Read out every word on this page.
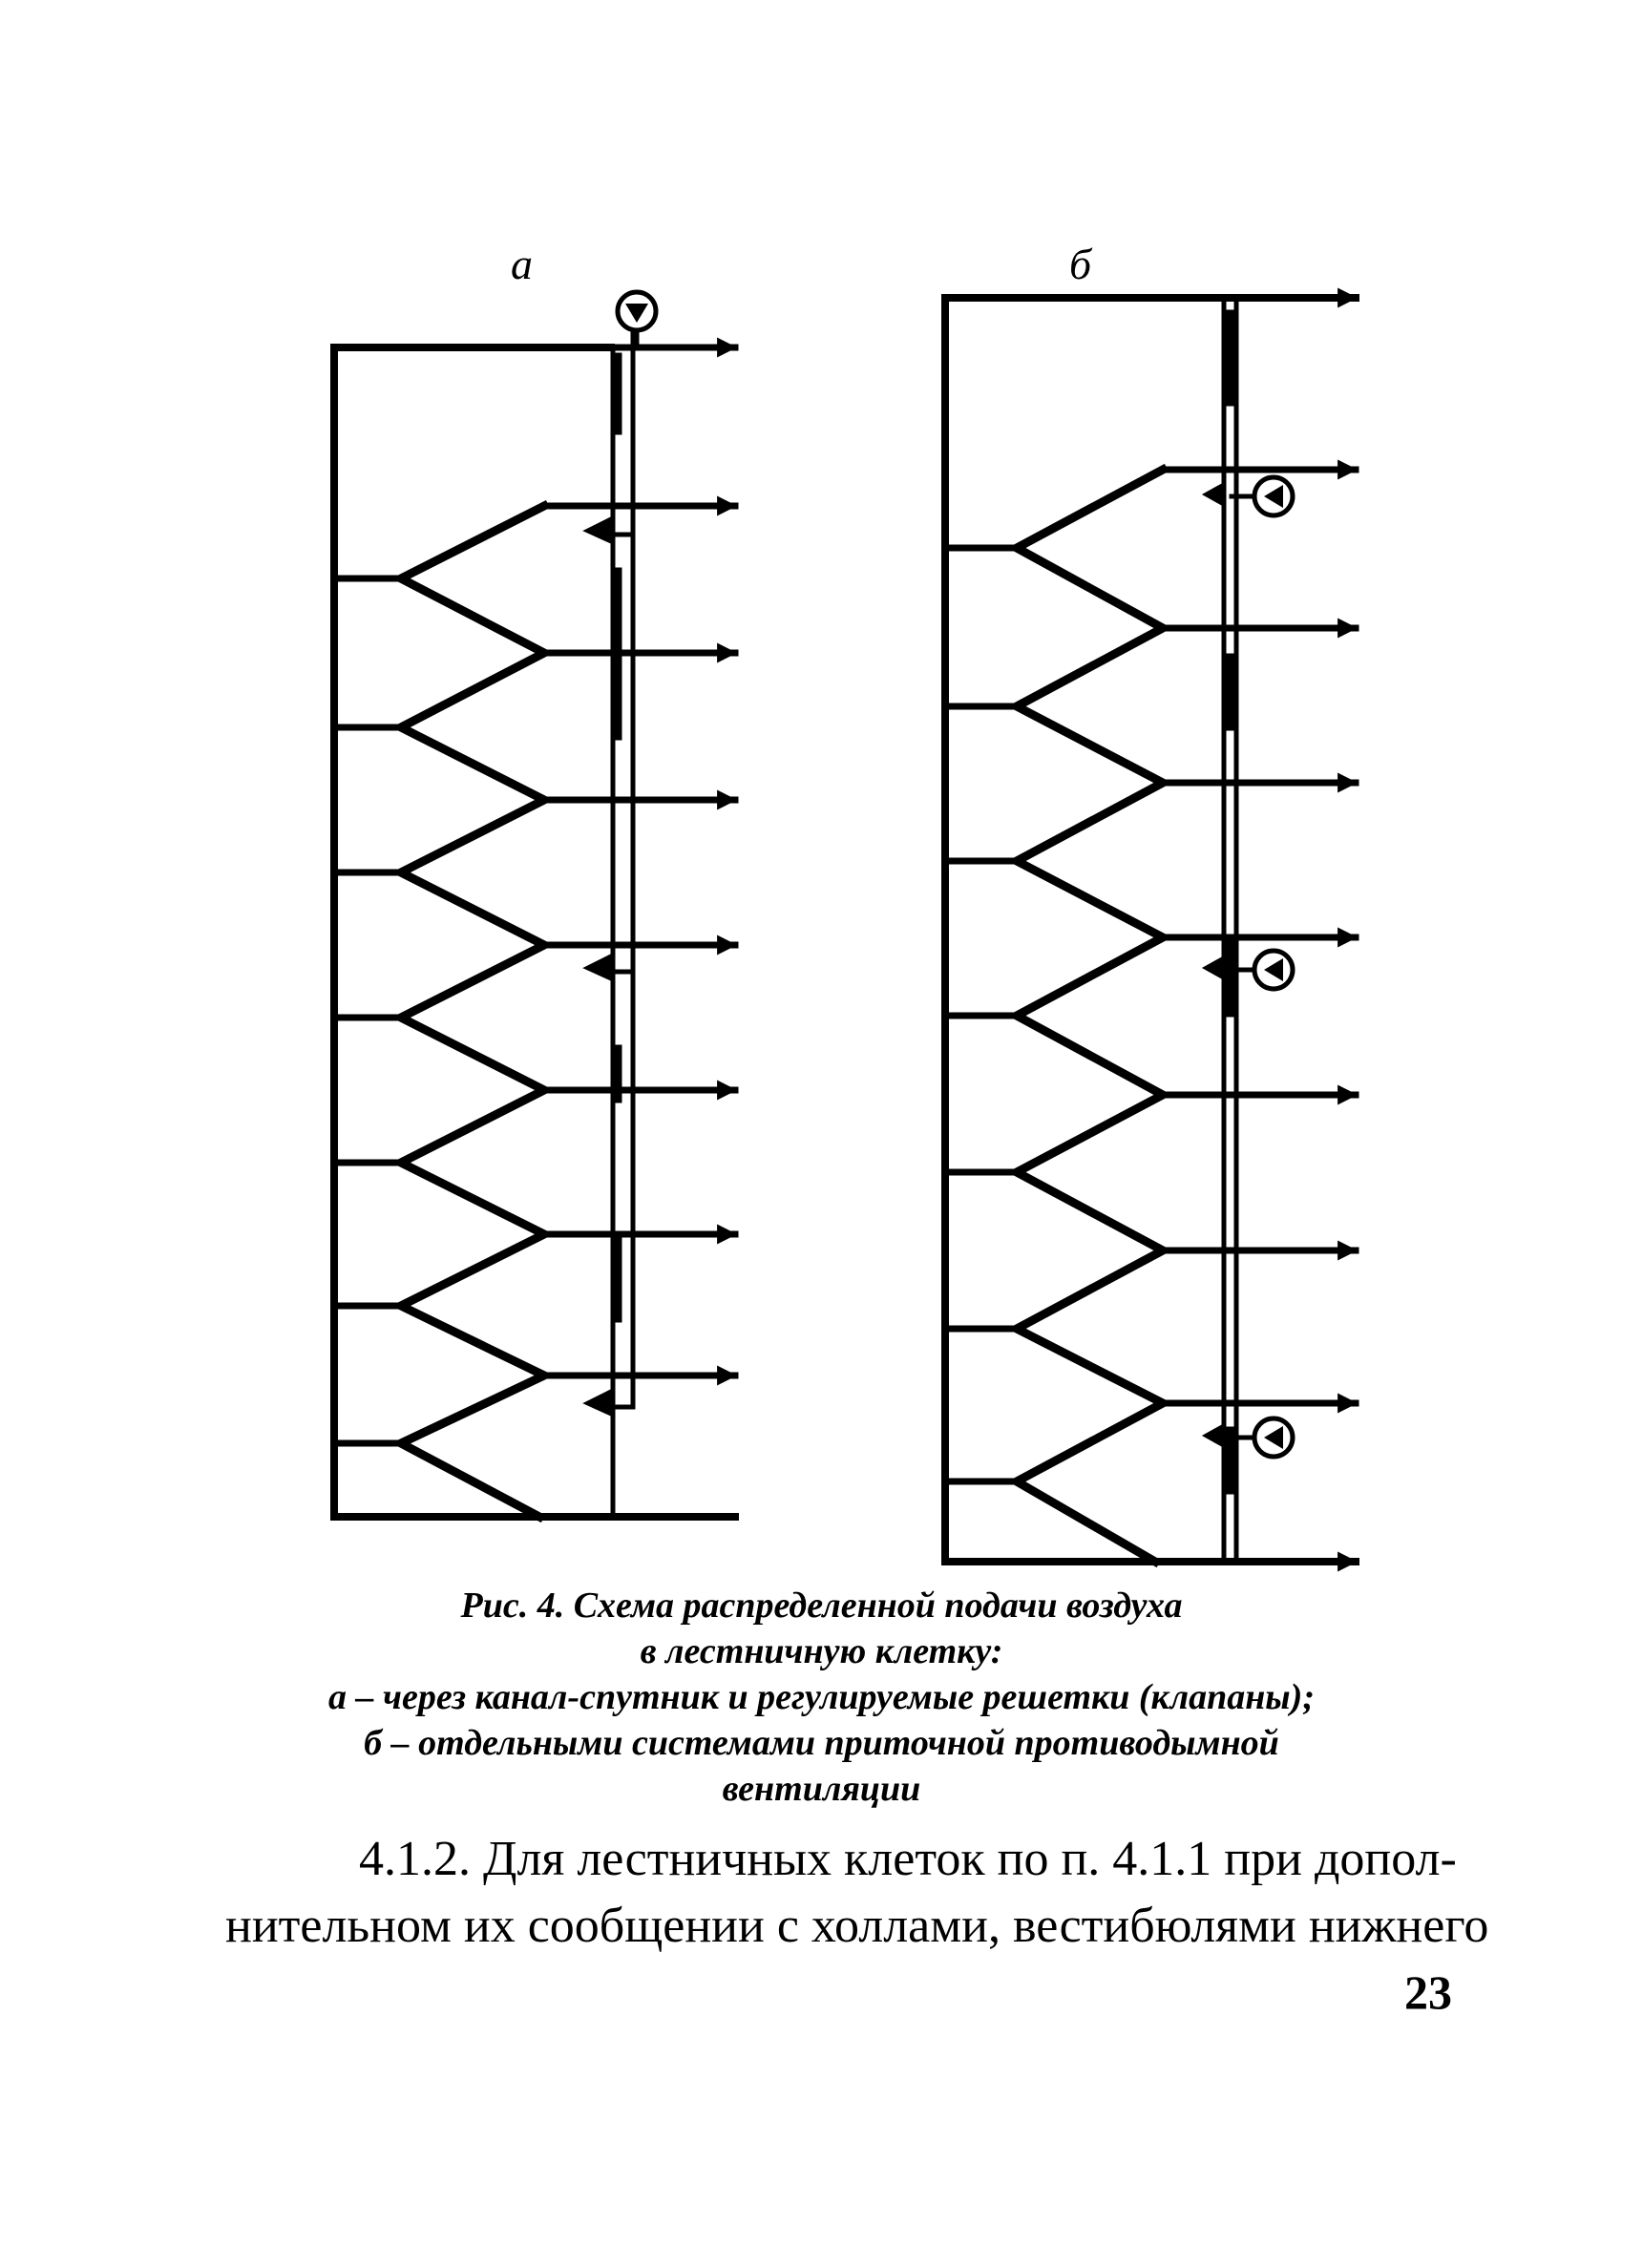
а	б
Рис. 4. Схема распределенной подачи воздуха
в лестничную клетку:
а – через канал-спутник и регулируемые решетки (клапаны);
б – отдельными системами приточной противодымной
вентиляции
4.1.2. Для лестничных клеток по п. 4.1.1 при допол-
нительном их сообщении с холлами, вестибюлями нижнего
23
